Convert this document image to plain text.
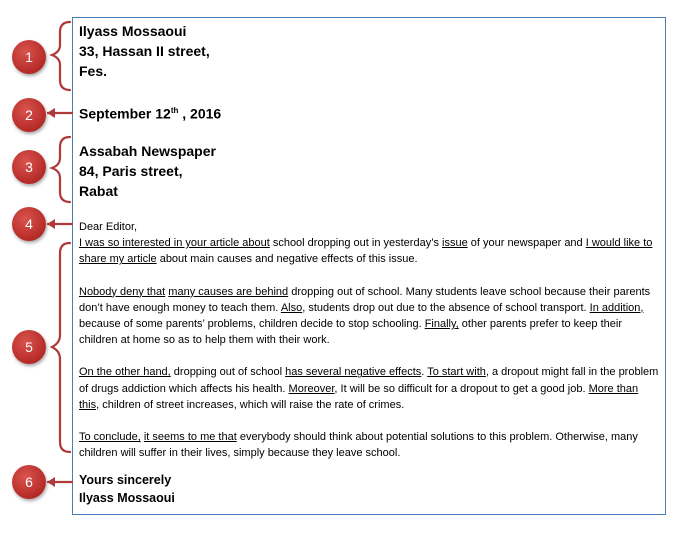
1
2
3
4
5
6
Ilyass Mossaoui
33, Hassan II street,
Fes.
September 12th , 2016
Assabah Newspaper
84, Paris street,
Rabat

Dear Editor,

I was so interested in your article about school dropping out in yesterday’s issue of your newspaper and I would like to share my article about main causes and negative effects of this issue.

Nobody deny that many causes are behind dropping out of school. Many students leave school because their parents don’t have enough money to teach them. Also, students drop out due to the absence of school transport. In addition, because of some parents’ problems, children decide to stop schooling. Finally, other parents prefer to keep their children at home so as to help them with their work.

On the other hand, dropping out of school has several negative effects. To start with, a dropout might fall in the problem of drugs addiction which affects his health. Moreover, It will be so difficult for a dropout to get a good job. More than this, children of street increases, which will raise the rate of crimes.

To conclude, it seems to me that everybody should think about potential solutions to this problem. Otherwise, many children will suffer in their lives, simply because they leave school.

Yours sincerely
Ilyass Mossaoui
